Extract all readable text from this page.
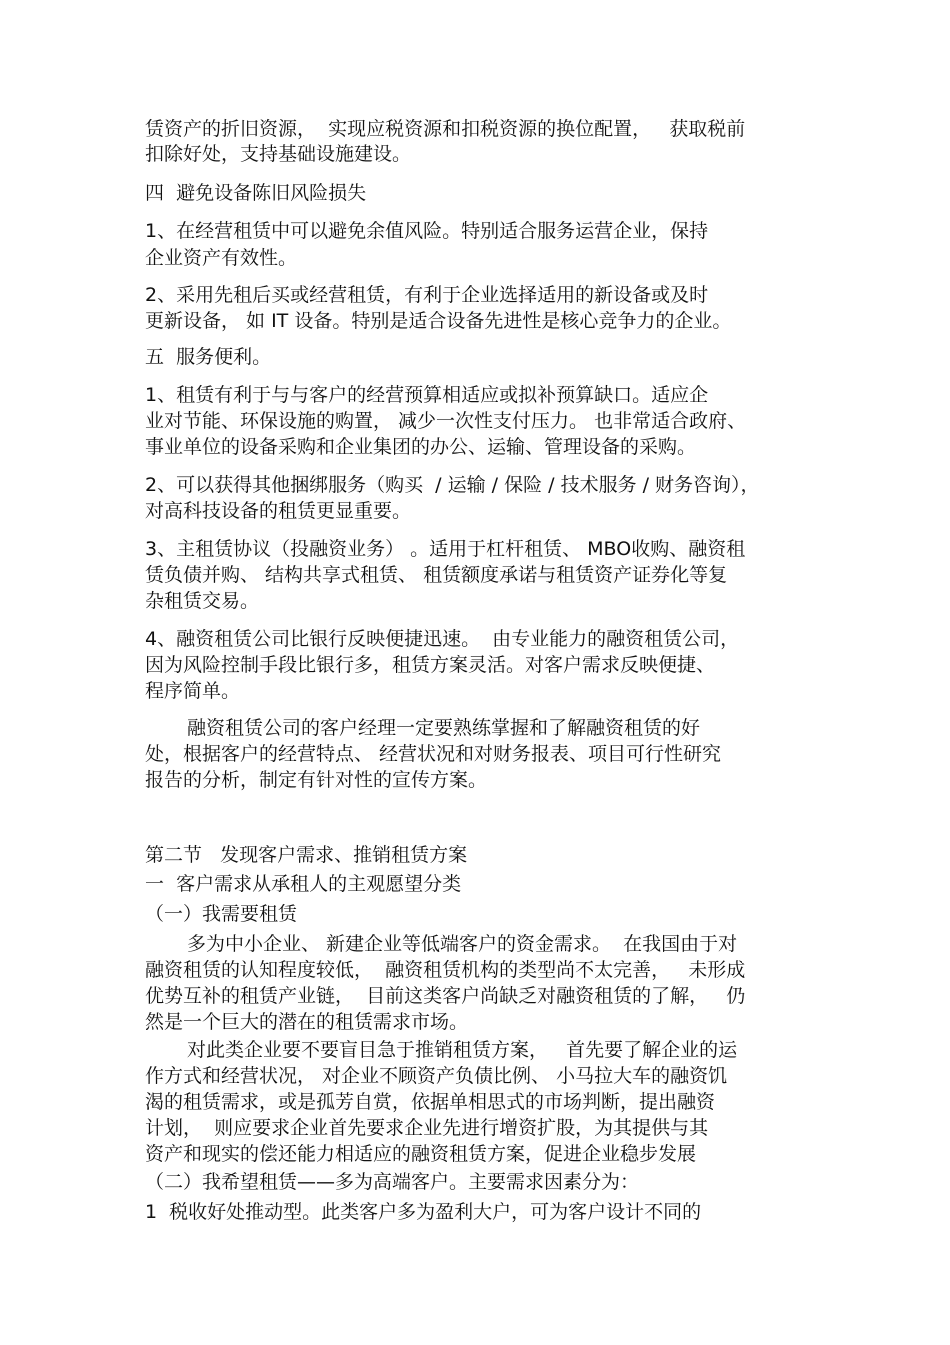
赁资产的折旧资源，  实现应税资源和扣税资源的换位配置，   获取税前
扣除好处，支持基础设施建设。
四  避免设备陈旧风险损失
1、在经营租赁中可以避免余值风险。特别适合服务运营企业，保持
企业资产有效性。
2、采用先租后买或经营租赁，有利于企业选择适用的新设备或及时
更新设备， 如 IT 设备。特别是适合设备先进性是核心竞争力的企业。
五  服务便利。
1、租赁有利于与与客户的经营预算相适应或拟补预算缺口。适应企
业对节能、环保设施的购置， 减少一次性支付压力。 也非常适合政府、
事业单位的设备采购和企业集团的办公、运输、管理设备的采购。
2、可以获得其他捆绑服务（购买  / 运输 / 保险 / 技术服务 / 财务咨询），
对高科技设备的租赁更显重要。
3、主租赁协议（投融资业务） 。适用于杠杆租赁、 MBO收购、融资租
赁负债并购、 结构共享式租赁、 租赁额度承诺与租赁资产证券化等复
杂租赁交易。
4、融资租赁公司比银行反映便捷迅速。  由专业能力的融资租赁公司，
因为风险控制手段比银行多，租赁方案灵活。对客户需求反映便捷、
程序简单。
融资租赁公司的客户经理一定要熟练掌握和了解融资租赁的好
处，根据客户的经营特点、 经营状况和对财务报表、项目可行性研究
报告的分析，制定有针对性的宣传方案。
第二节   发现客户需求、推销租赁方案
一  客户需求从承租人的主观愿望分类
（一）我需要租赁
多为中小企业、 新建企业等低端客户的资金需求。  在我国由于对
融资租赁的认知程度较低，  融资租赁机构的类型尚不太完善，   未形成
优势互补的租赁产业链，  目前这类客户尚缺乏对融资租赁的了解，   仍
然是一个巨大的潜在的租赁需求市场。
对此类企业要不要盲目急于推销租赁方案，   首先要了解企业的运
作方式和经营状况， 对企业不顾资产负债比例、 小马拉大车的融资饥
渴的租赁需求，或是孤芳自赏，依据单相思式的市场判断，提出融资
计划，  则应要求企业首先要求企业先进行增资扩股，为其提供与其
资产和现实的偿还能力相适应的融资租赁方案，促进企业稳步发展
（二）我希望租赁——多为高端客户。主要需求因素分为：
1  税收好处推动型。此类客户多为盈利大户，可为客户设计不同的
